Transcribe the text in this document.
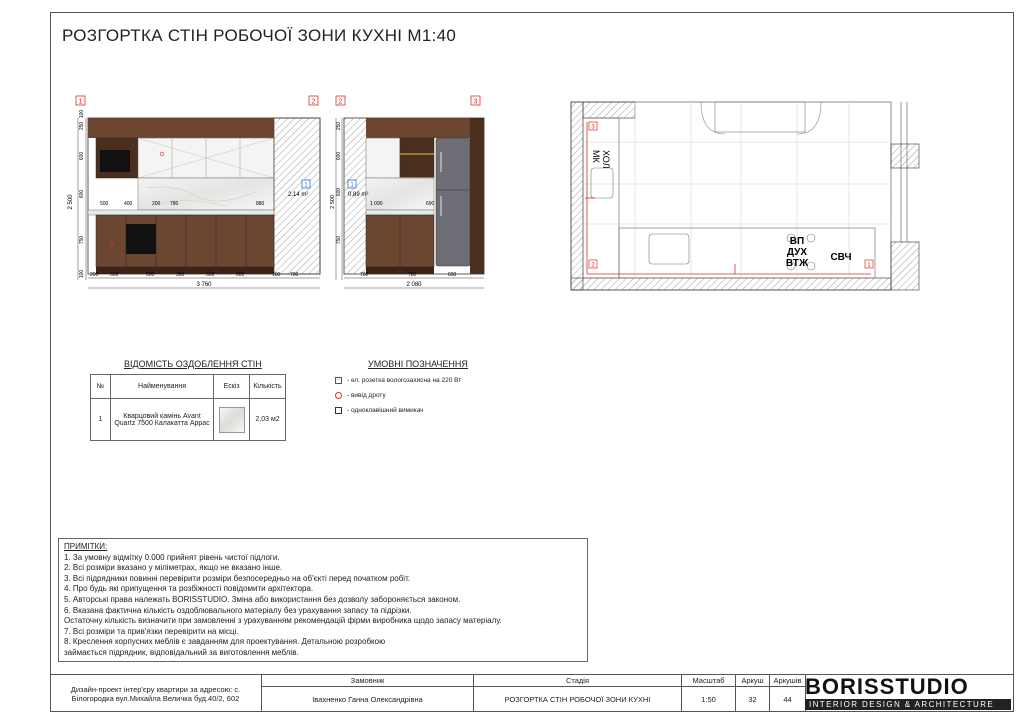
РОЗГОРТКА СТІН РОБОЧОЇ ЗОНИ КУХНІ М1:40
1	2
2 500
250
600
600
750
100
100
500	400	200 780	880
1
2.14 m²
200 600	600	360	600	600	100 700
3 760
2	3
2 500
250
600
600
750
1
0.89 m²
1 090	690
700	780	600
2 080
3
2	1
ХОЛ
МК
ВП
ДУХ
ВТЖ
СВЧ
ВІДОМІСТЬ ОЗДОБЛЕННЯ СТІН
№	Найменування	Ескіз	Кількість
1	Кварцовий камінь Avant Quartz 7500 Калакатта Аррас		2,03 м2
УМОВНІ ПОЗНАЧЕННЯ
·· - ел. розетка вологозахисна на 220 Вт
- вивід дроту
- одноклавішний вимикач
ПРИМІТКИ:
1. За умовну відмітку 0.000 прийнят рівень чистої підлоги.
2. Всі розміри вказано у міліметрах, якщо не вказано інше.
3. Всі підрядники повинні перевірити розміри безпосередньо на об'єкті перед початком робіт.
4. Про будь які припущення та розбіжності повідомити архітектора.
5. Авторські права належать BORISSTUDIO. Зміна або використання без дозволу забороняється законом.
6. Вказана фактична кількість оздоблювального матеріалу без урахування запасу та підрізки.
Остаточну кількість визначити при замовленні з урахуванням рекомендацій фірми виробника щодо запасу матеріалу.
7. Всі розміри та прив'язки перевірити на місці.
8. Креслення корпусних меблів є завданням для проектування. Детальною розробкою
займається підрядник, відповідальний за виготовлення меблів.
Дизайн-проект інтер'єру квартири за адресою: с. Білогородка вул.Михайла Величка буд.40/2, 602
Замовник
Івахненко Ганна Олександрівна
Стадія
РОЗГОРТКА СТІН РОБОЧОЇ ЗОНИ КУХНІ
Масштаб
1:50
Аркуш
32
Аркушів
44
BORISSTUDIO
INTERIOR DESIGN & ARCHITECTURE
